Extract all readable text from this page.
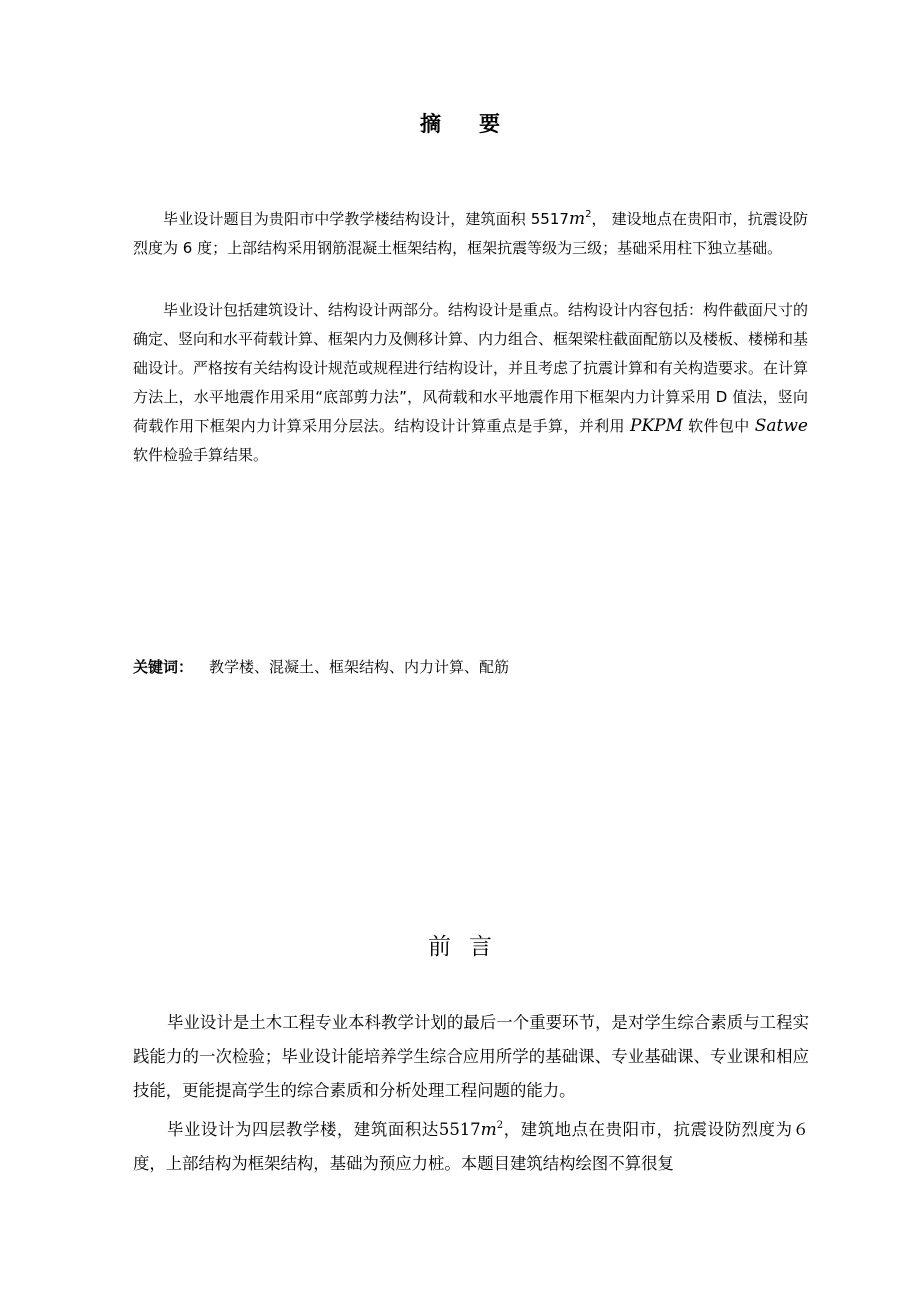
摘要

毕业设计题目为贵阳市中学教学楼结构设计，建筑面积 $5517m^2$， 建设地点在贵阳市，抗震设防烈度为 6 度；上部结构采用钢筋混凝土框架结构，框架抗震等级为三级；基础采用柱下独立基础。

毕业设计包括建筑设计、结构设计两部分。结构设计是重点。结构设计内容包括：构件截面尺寸的确定、竖向和水平荷载计算、框架内力及侧移计算、内力组合、框架梁柱截面配筋以及楼板、楼梯和基础设计。严格按有关结构设计规范或规程进行结构设计，并且考虑了抗震计算和有关构造要求。在计算方法上，水平地震作用采用“底部剪力法”，风荷载和水平地震作用下框架内力计算采用 D 值法，竖向荷载作用下框架内力计算采用分层法。结构设计计算重点是手算，并利用 PKPM 软件包中 Satwe 软件检验手算结果。

关键词： 教学楼、混凝土、框架结构、内力计算、配筋
前言

毕业设计是土木工程专业本科教学计划的最后一个重要环节，是对学生综合素质与工程实践能力的一次检验；毕业设计能培养学生综合应用所学的基础课、专业基础课、专业课和相应技能，更能提高学生的综合素质和分析处理工程问题的能力。

毕业设计为四层教学楼，建筑面积达$5517m^2$，建筑地点在贵阳市，抗震设防烈度为６度，上部结构为框架结构，基础为预应力桩。本题目建筑结构绘图不算很复
